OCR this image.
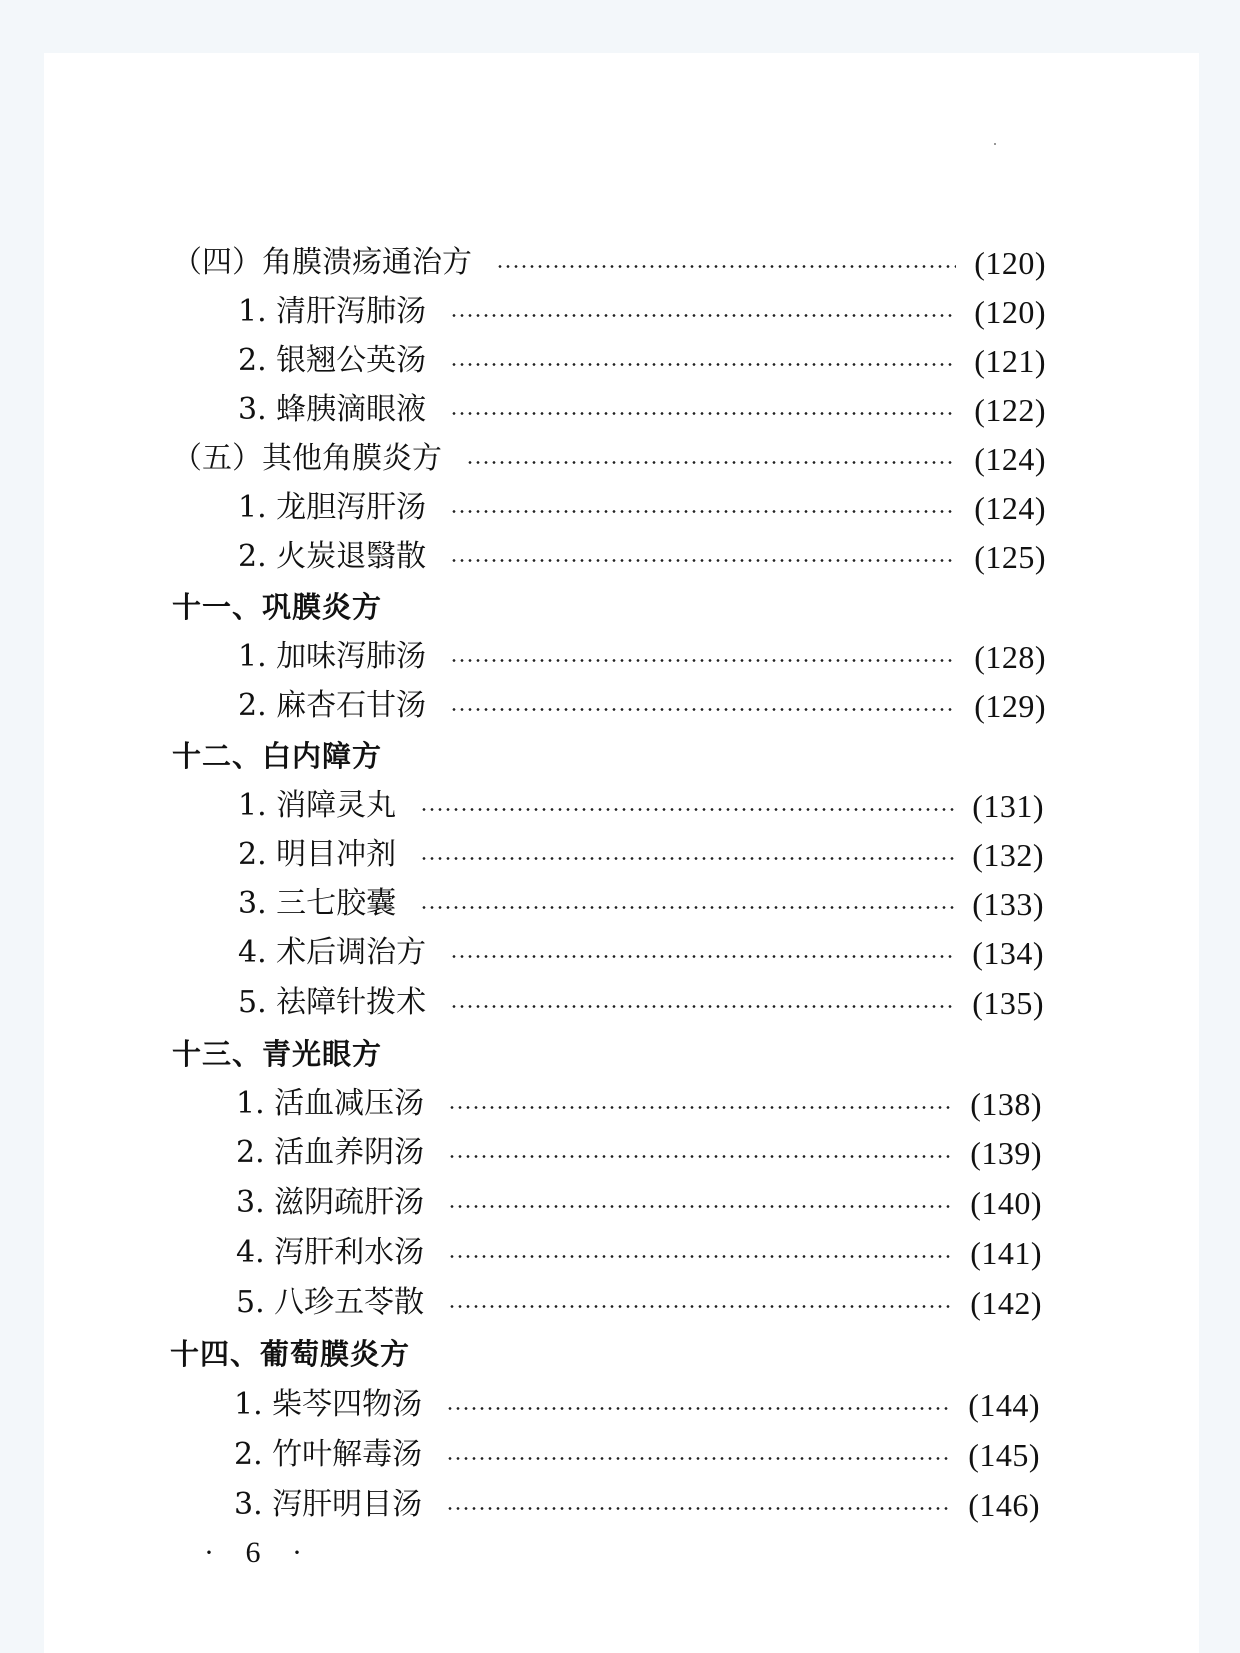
（四）角膜溃疡通治方	(120)
1. 清肝泻肺汤	(120)
2. 银翘公英汤	(121)
3. 蜂胰滴眼液	(122)
（五）其他角膜炎方	(124)
1. 龙胆泻肝汤	(124)
2. 火炭退翳散	(125)
十一、巩膜炎方
1. 加味泻肺汤	(128)
2. 麻杏石甘汤	(129)
十二、白内障方
1. 消障灵丸	(131)
2. 明目冲剂	(132)
3. 三七胶囊	(133)
4. 术后调治方	(134)
5. 祛障针拨术	(135)
十三、青光眼方
1. 活血减压汤	(138)
2. 活血养阴汤	(139)
3. 滋阴疏肝汤	(140)
4. 泻肝利水汤	(141)
5. 八珍五苓散	(142)
十四、葡萄膜炎方
1. 柴芩四物汤	(144)
2. 竹叶解毒汤	(145)
3. 泻肝明目汤	(146)
· 6 ·
